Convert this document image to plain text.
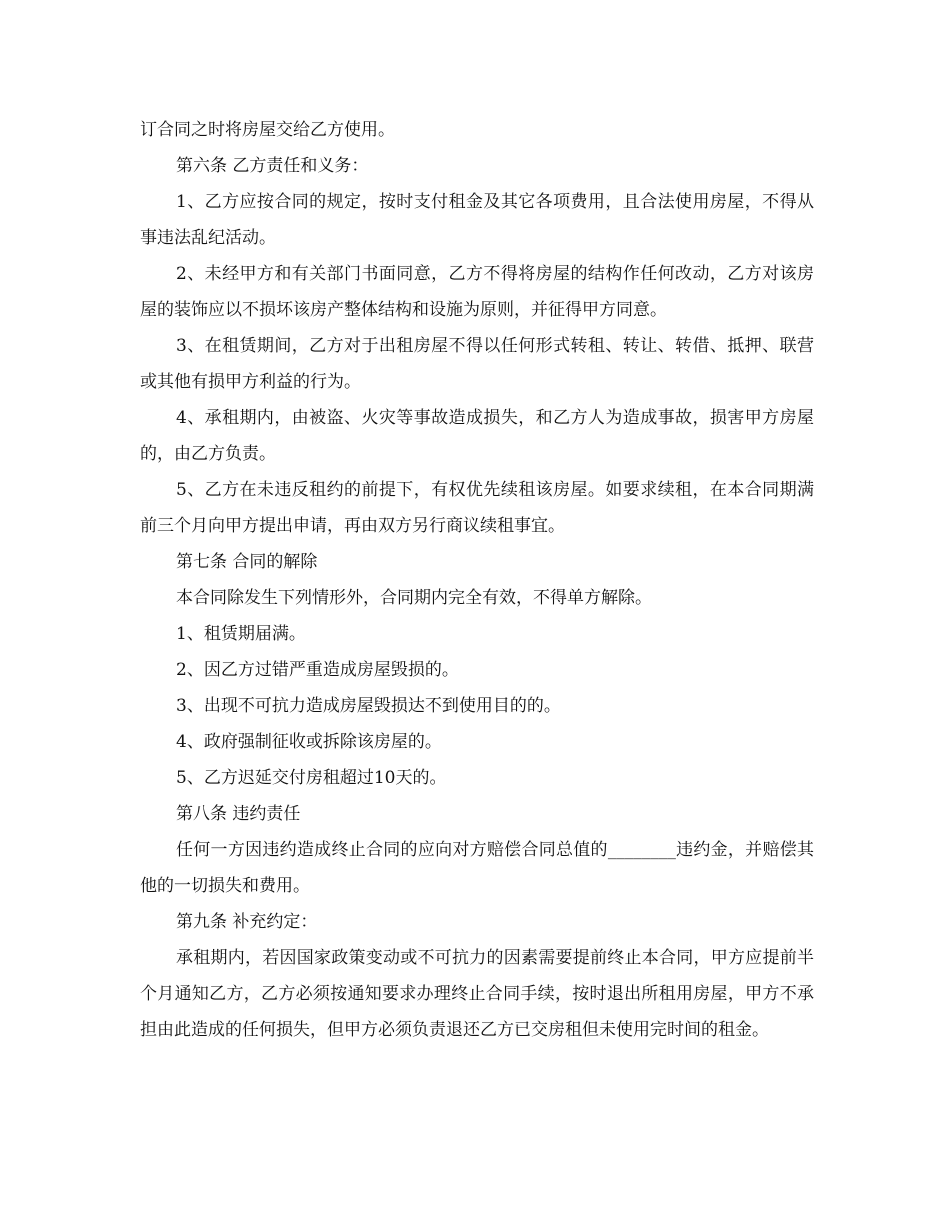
订合同之时将房屋交给乙方使用。

第六条 乙方责任和义务：

1、乙方应按合同的规定，按时支付租金及其它各项费用，且合法使用房屋，不得从事违法乱纪活动。

2、未经甲方和有关部门书面同意，乙方不得将房屋的结构作任何改动，乙方对该房屋的装饰应以不损坏该房产整体结构和设施为原则，并征得甲方同意。

3、在租赁期间，乙方对于出租房屋不得以任何形式转租、转让、转借、抵押、联营或其他有损甲方利益的行为。

4、承租期内，由被盗、火灾等事故造成损失，和乙方人为造成事故，损害甲方房屋的，由乙方负责。

5、乙方在未违反租约的前提下，有权优先续租该房屋。如要求续租，在本合同期满前三个月向甲方提出申请，再由双方另行商议续租事宜。

第七条 合同的解除

本合同除发生下列情形外，合同期内完全有效，不得单方解除。

1、租赁期届满。

2、因乙方过错严重造成房屋毁损的。

3、出现不可抗力造成房屋毁损达不到使用目的的。

4、政府强制征收或拆除该房屋的。

5、乙方迟延交付房租超过10天的。

第八条 违约责任

任何一方因违约造成终止合同的应向对方赔偿合同总值的________违约金，并赔偿其他的一切损失和费用。

第九条 补充约定：

承租期内，若因国家政策变动或不可抗力的因素需要提前终止本合同，甲方应提前半个月通知乙方，乙方必须按通知要求办理终止合同手续，按时退出所租用房屋，甲方不承担由此造成的任何损失，但甲方必须负责退还乙方已交房租但未使用完时间的租金。
